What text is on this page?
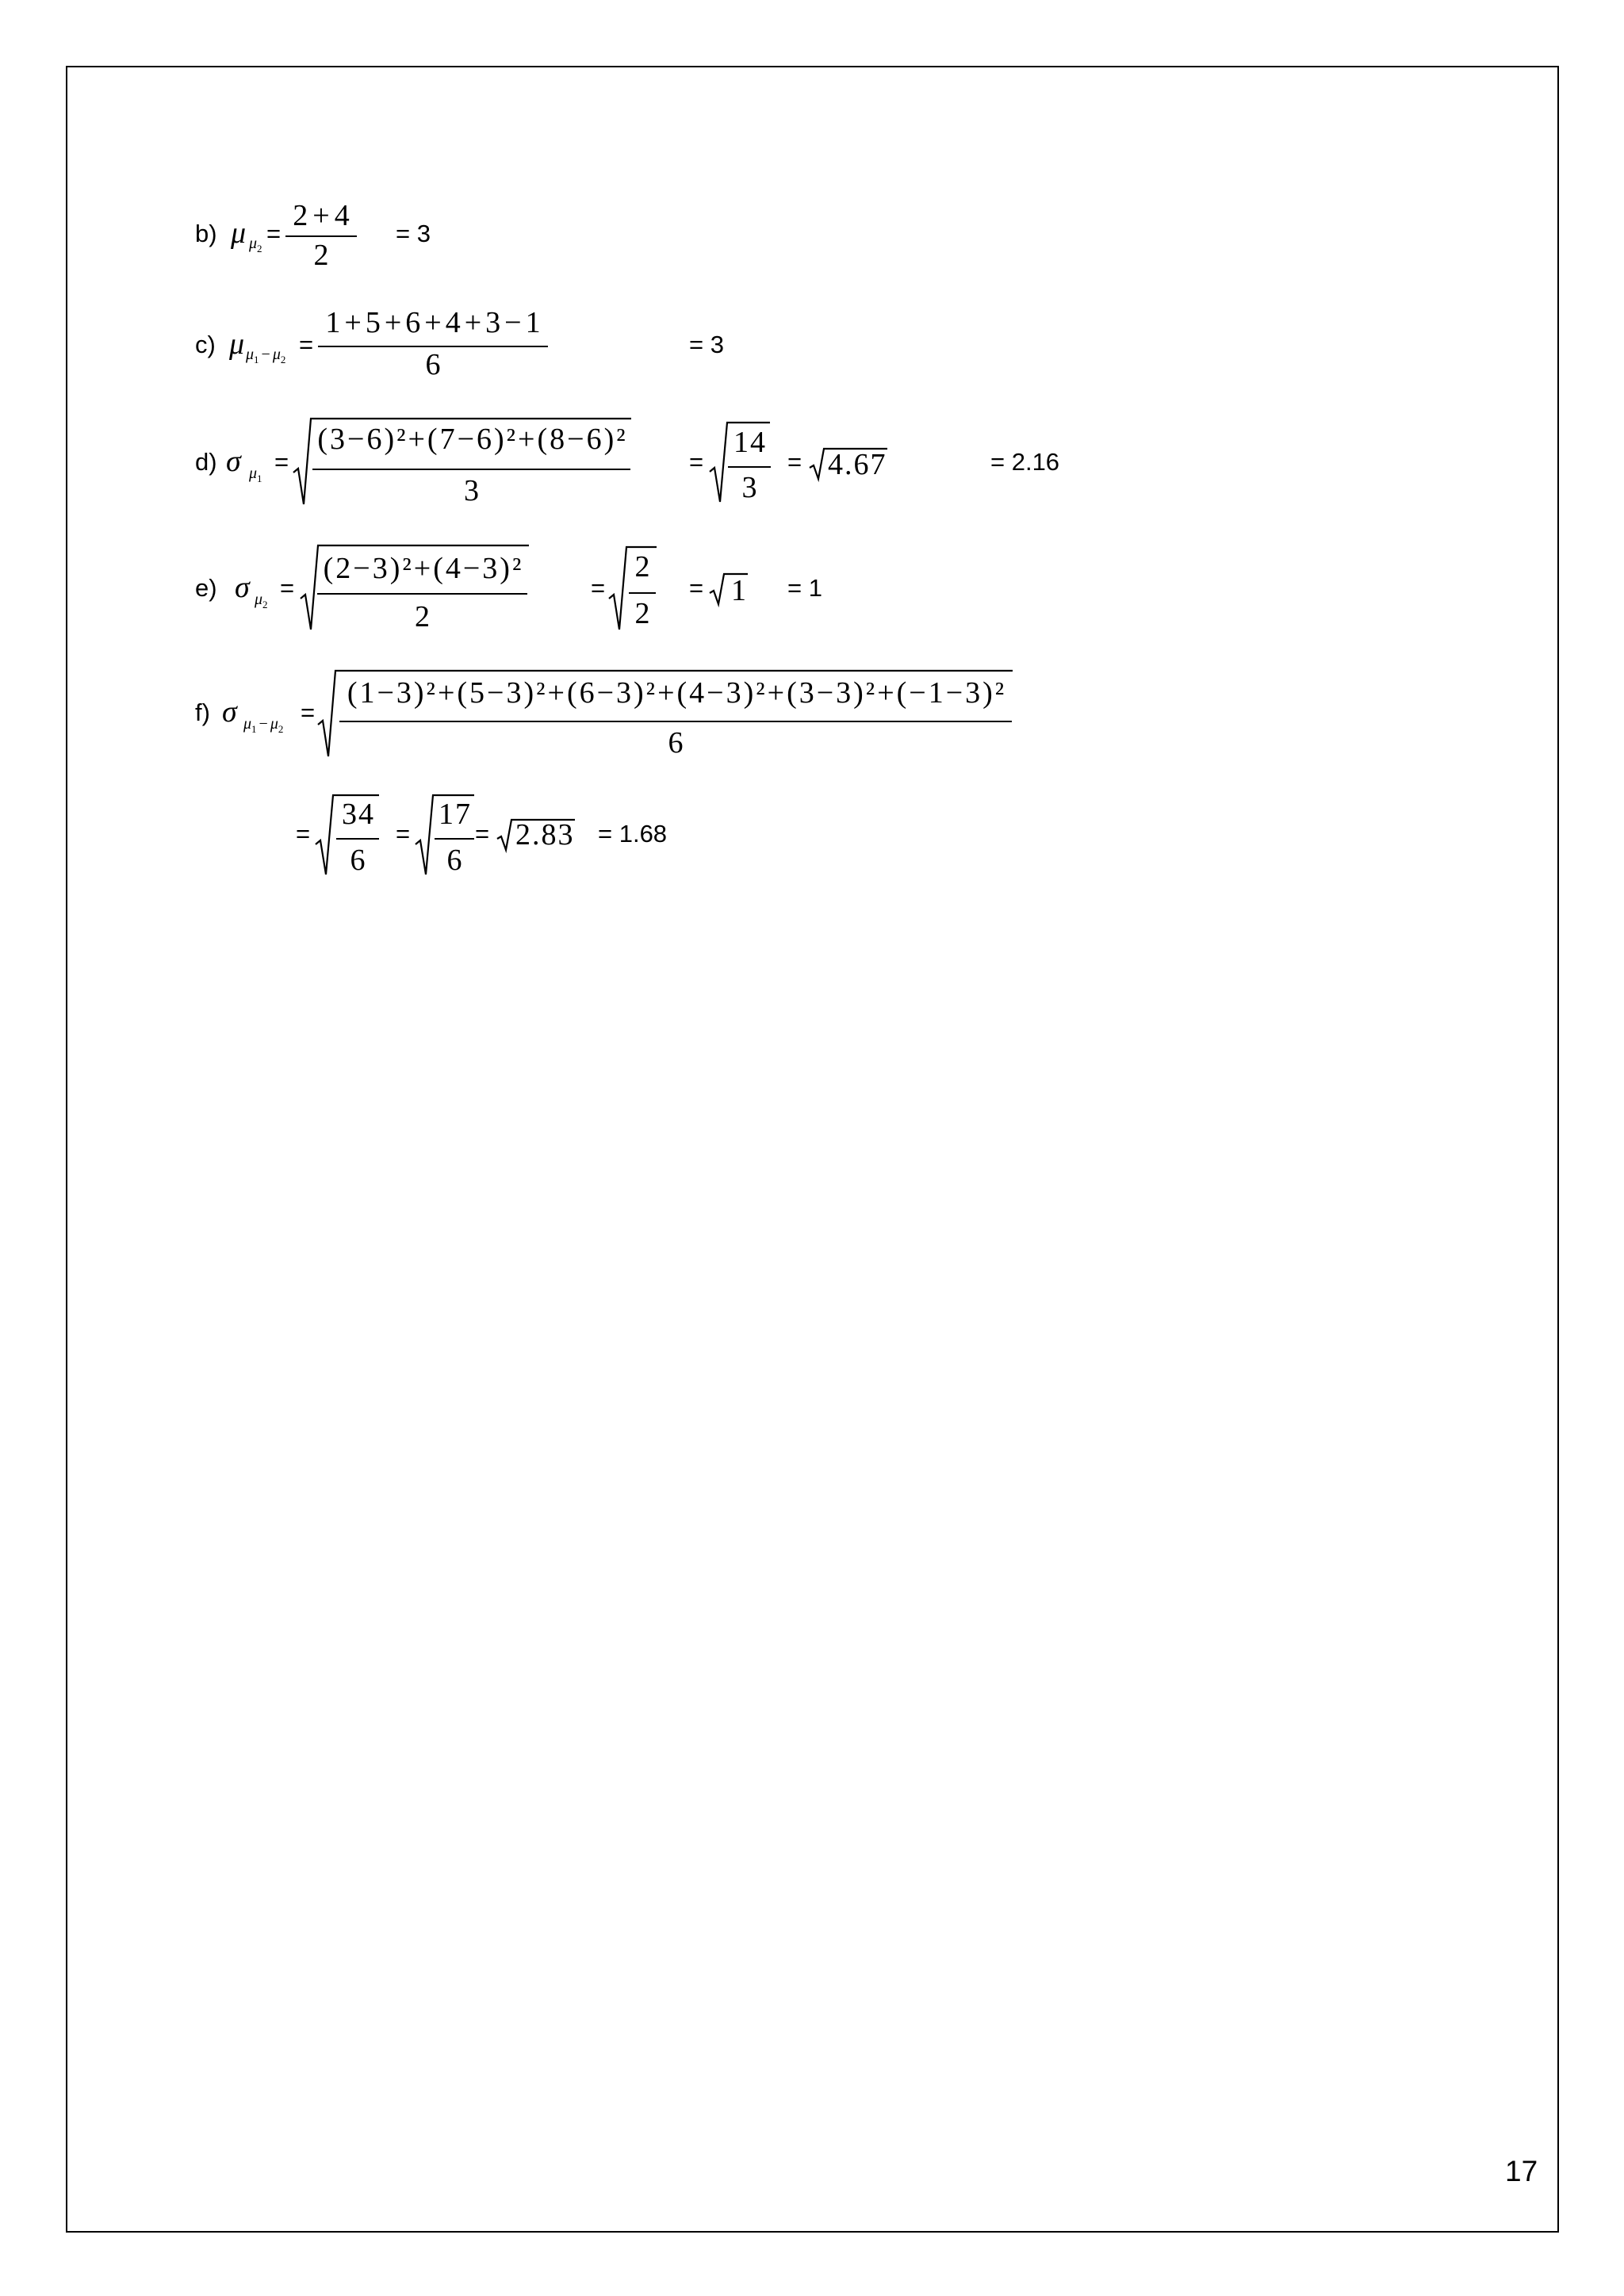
b) μ $\mu_2$
=
2+4
2
= 3
c) μ $\mu_1 - \mu_2$
=
1+5+6+4+3−1
6
= 3
d) σ $\mu_1$
=
(3−6)²+(7−6)²+(8−6)²
3
=
14
3
= 4.67	= 2.16
e) σ $\mu_2$
=
(2−3)²+(4−3)²
2
=
2
2
= 1 = 1
f) σ $\mu_1 - \mu_2$
=
(1−3)²+(5−3)²+(6−3)²+(4−3)²+(3−3)²+(−1−3)²
6
=
34
6
=
17
6
= 2.83 = 1.68
17
